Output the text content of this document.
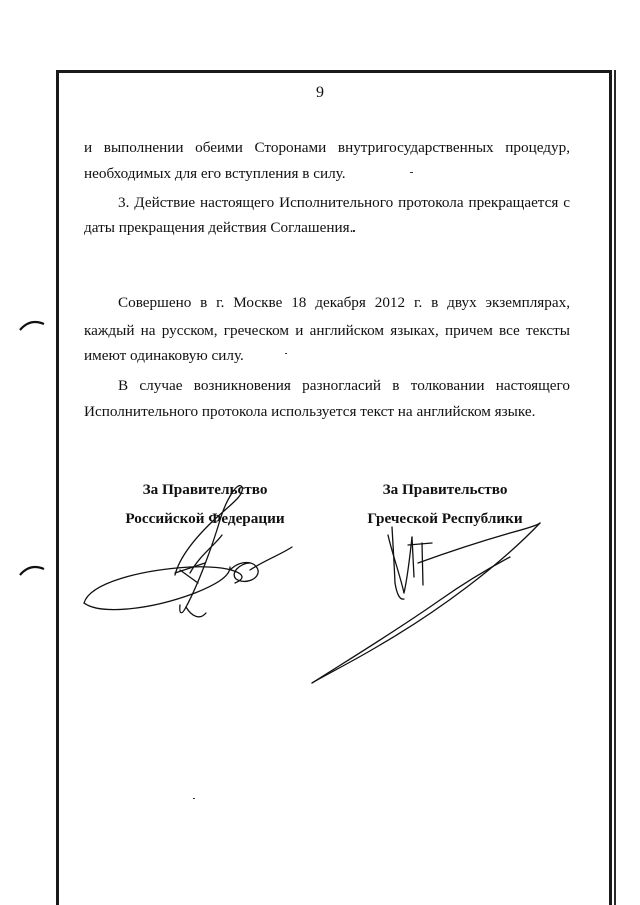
9
и выполнении обеими Сторонами внутригосударственных процедур,
необходимых для его вступления в силу.
3. Действие настоящего Исполнительного протокола прекращается с
даты прекращения действия Соглашения.
Совершено в г. Москве 18 декабря 2012 г. в двух экземплярах,
каждый на русском, греческом и английском языках, причем все тексты
имеют одинаковую силу.
В случае возникновения разногласий в толковании настоящего
Исполнительного протокола используется текст на английском языке.
За Правительство
Российской Федерации
За Правительство
Греческой Республики
